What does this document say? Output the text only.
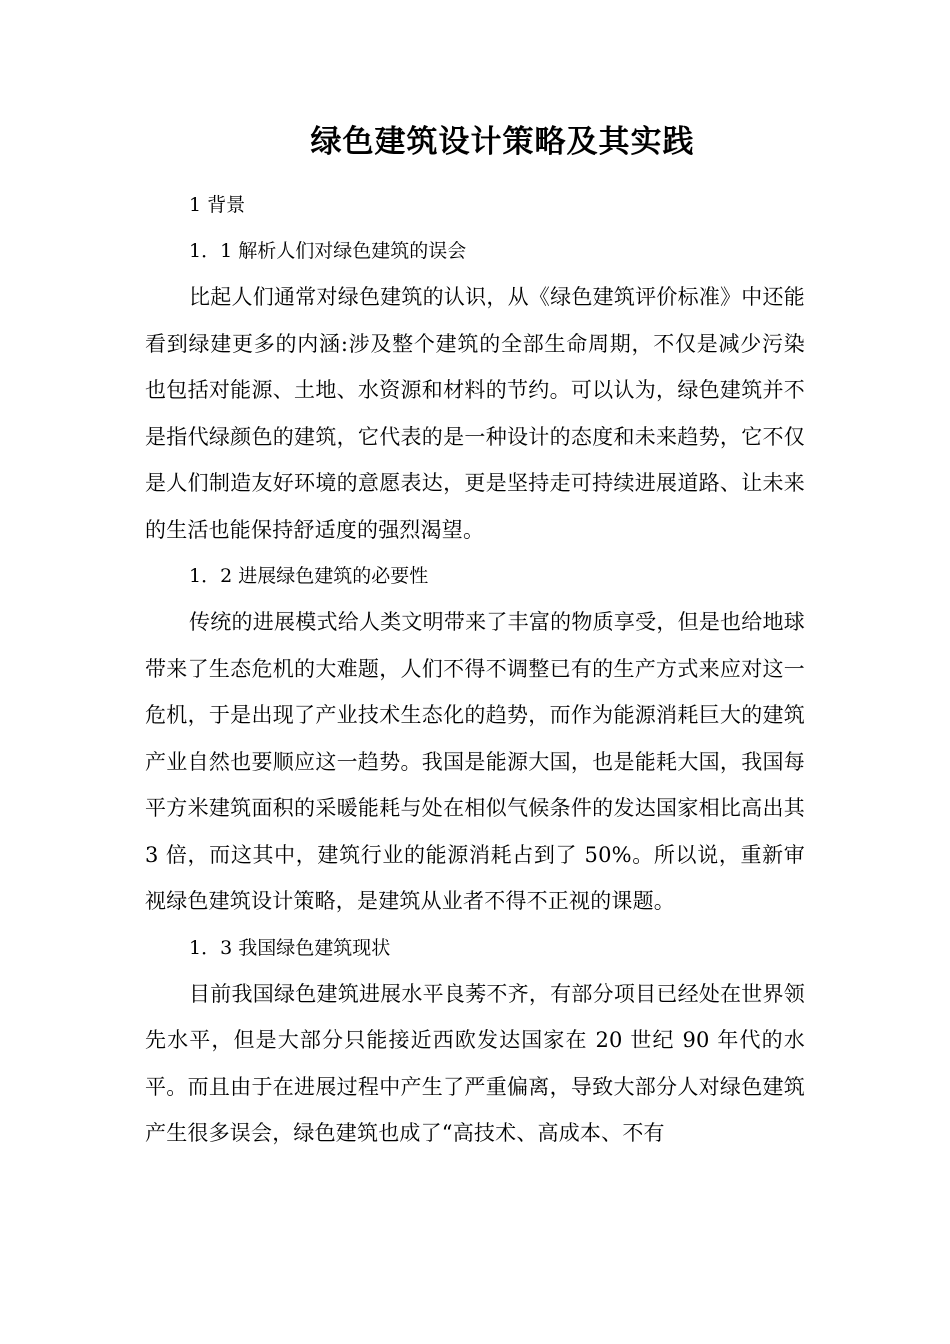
绿色建筑设计策略及其实践

1 背景

1．1 解析人们对绿色建筑的误会

比起人们通常对绿色建筑的认识，从《绿色建筑评价标准》中还能看到绿建更多的内涵:涉及整个建筑的全部生命周期，不仅是减少污染也包括对能源、土地、水资源和材料的节约。可以认为，绿色建筑并不是指代绿颜色的建筑，它代表的是一种设计的态度和未来趋势，它不仅是人们制造友好环境的意愿表达，更是坚持走可持续进展道路、让未来的生活也能保持舒适度的强烈渴望。

1．2 进展绿色建筑的必要性

传统的进展模式给人类文明带来了丰富的物质享受，但是也给地球带来了生态危机的大难题，人们不得不调整已有的生产方式来应对这一危机，于是出现了产业技术生态化的趋势，而作为能源消耗巨大的建筑产业自然也要顺应这一趋势。我国是能源大国，也是能耗大国，我国每平方米建筑面积的采暖能耗与处在相似气候条件的发达国家相比高出其 3 倍，而这其中，建筑行业的能源消耗占到了 50%。所以说，重新审视绿色建筑设计策略，是建筑从业者不得不正视的课题。

1．3 我国绿色建筑现状

目前我国绿色建筑进展水平良莠不齐，有部分项目已经处在世界领先水平，但是大部分只能接近西欧发达国家在 20 世纪 90 年代的水平。而且由于在进展过程中产生了严重偏离，导致大部分人对绿色建筑产生很多误会，绿色建筑也成了“高技术、高成本、不有
